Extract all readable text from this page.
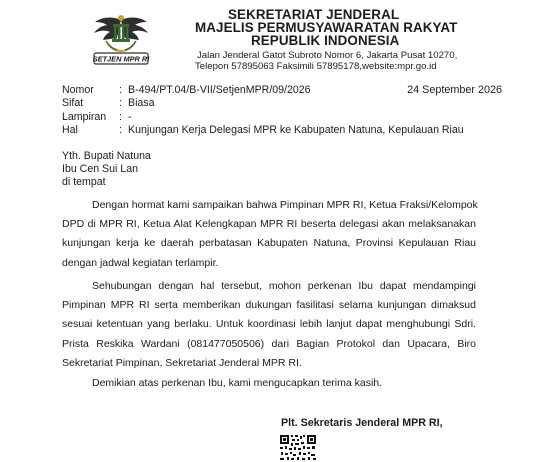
SETJEN MPR RI
SEKRETARIAT JENDERAL
MAJELIS PERMUSYAWARATAN RAKYAT
REPUBLIK INDONESIA
Jalan Jenderal Gatot Subroto Nomor 6, Jakarta Pusat 10270,
Telepon 57895063 Faksimili 57895178,website:mpr.go.id
Nomor : B-494/PT.04/B-VII/SetjenMPR/09/2026	24 September 2026
Sifat	: Biasa
Lampiran : -
Hal	: Kunjungan Kerja Delegasi MPR ke Kabupaten Natuna, Kepulauan Riau
Yth. Bupati Natuna
Ibu Cen Sui Lan
di tempat
Dengan hormat kami sampaikan bahwa Pimpinan MPR RI, Ketua Fraksi/Kelompok
DPD di MPR RI, Ketua Alat Kelengkapan MPR RI beserta delegasi akan melaksanakan
kunjungan kerja ke daerah perbatasan Kabupaten Natuna, Provinsi Kepulauan Riau
dengan jadwal kegiatan terlampir.
Sehubungan dengan hal tersebut, mohon perkenan Ibu dapat mendampingi
Pimpinan MPR RI serta memberikan dukungan fasilitasi selama kunjungan dimaksud
sesuai ketentuan yang berlaku. Untuk koordinasi lebih lanjut dapat menghubungi Sdri.
Prista Reskika Wardani (081477050506) dari Bagian Protokol dan Upacara, Biro
Sekretariat Pimpinan, Sekretariat Jenderal MPR RI.
Demikian atas perkenan Ibu, kami mengucapkan terima kasih.
Plt. Sekretaris Jenderal MPR RI,
